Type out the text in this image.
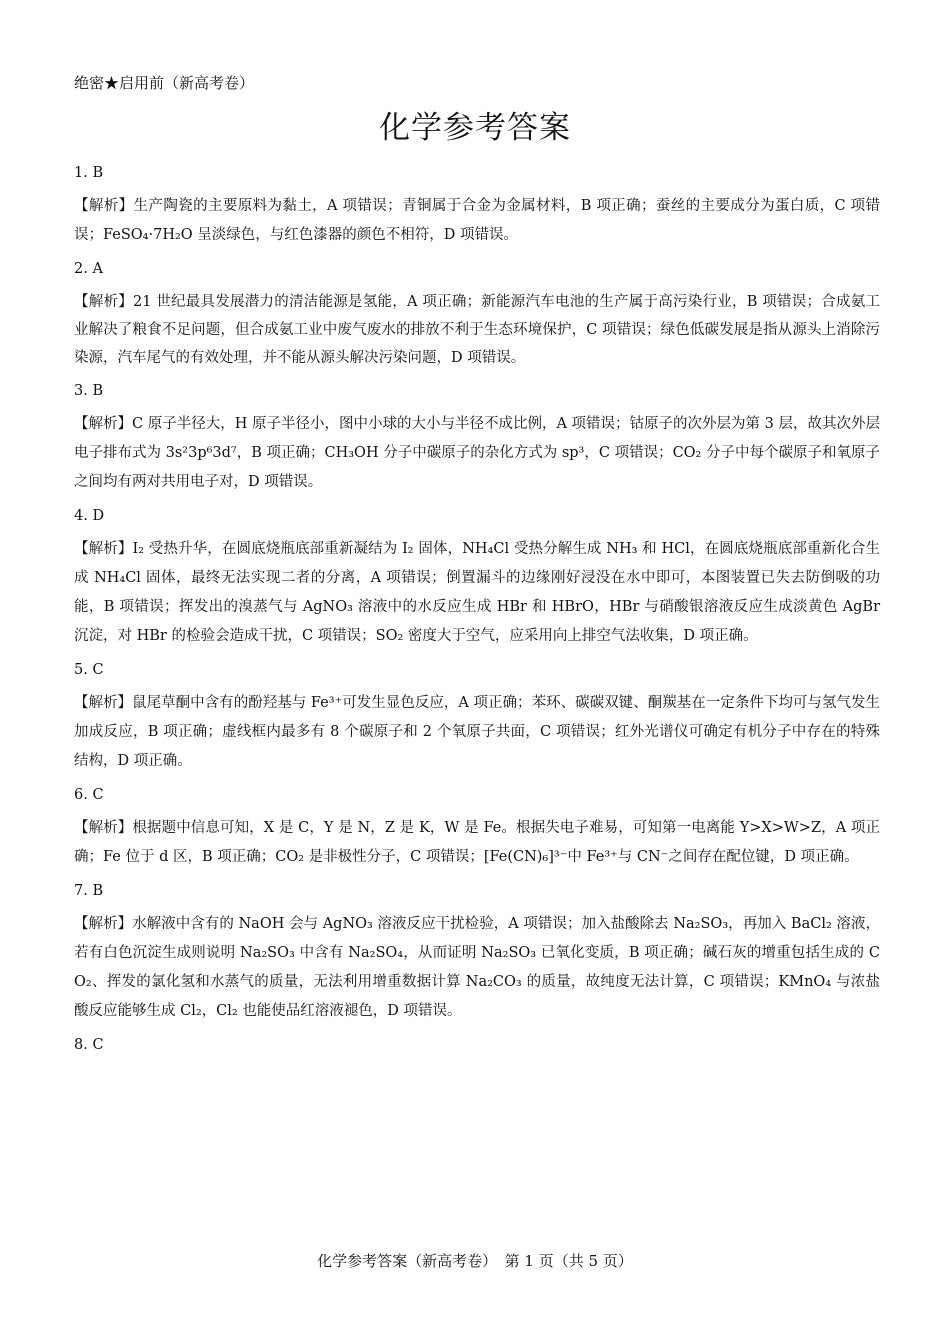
绝密★启用前（新高考卷）
化学参考答案
1. B
【解析】生产陶瓷的主要原料为黏土，A 项错误；青铜属于合金为金属材料，B 项正确；蚕丝的主要成分为蛋白质，C 项错误；FeSO₄·7H₂O 呈淡绿色，与红色漆器的颜色不相符，D 项错误。
2. A
【解析】21 世纪最具发展潜力的清洁能源是氢能，A 项正确；新能源汽车电池的生产属于高污染行业，B 项错误；合成氨工业解决了粮食不足问题，但合成氨工业中废气废水的排放不利于生态环境保护，C 项错误；绿色低碳发展是指从源头上消除污染源，汽车尾气的有效处理，并不能从源头解决污染问题，D 项错误。
3. B
【解析】C 原子半径大，H 原子半径小，图中小球的大小与半径不成比例，A 项错误；钴原子的次外层为第 3 层，故其次外层电子排布式为 3s²3p⁶3d⁷，B 项正确；CH₃OH 分子中碳原子的杂化方式为 sp³，C 项错误；CO₂ 分子中每个碳原子和氧原子之间均有两对共用电子对，D 项错误。
4. D
【解析】I₂ 受热升华，在圆底烧瓶底部重新凝结为 I₂ 固体，NH₄Cl 受热分解生成 NH₃ 和 HCl，在圆底烧瓶底部重新化合生成 NH₄Cl 固体，最终无法实现二者的分离，A 项错误；倒置漏斗的边缘刚好浸没在水中即可，本图装置已失去防倒吸的功能，B 项错误；挥发出的溴蒸气与 AgNO₃ 溶液中的水反应生成 HBr 和 HBrO，HBr 与硝酸银溶液反应生成淡黄色 AgBr 沉淀，对 HBr 的检验会造成干扰，C 项错误；SO₂ 密度大于空气，应采用向上排空气法收集，D 项正确。
5. C
【解析】鼠尾草酮中含有的酚羟基与 Fe³⁺可发生显色反应，A 项正确；苯环、碳碳双键、酮羰基在一定条件下均可与氢气发生加成反应，B 项正确；虚线框内最多有 8 个碳原子和 2 个氧原子共面，C 项错误；红外光谱仪可确定有机分子中存在的特殊结构，D 项正确。
6. C
【解析】根据题中信息可知，X 是 C，Y 是 N，Z 是 K，W 是 Fe。根据失电子难易，可知第一电离能 Y>X>W>Z，A 项正确；Fe 位于 d 区，B 项正确；CO₂ 是非极性分子，C 项错误；[Fe(CN)₆]³⁻中 Fe³⁺与 CN⁻之间存在配位键，D 项正确。
7. B
【解析】水解液中含有的 NaOH 会与 AgNO₃ 溶液反应干扰检验，A 项错误；加入盐酸除去 Na₂SO₃，再加入 BaCl₂ 溶液，若有白色沉淀生成则说明 Na₂SO₃ 中含有 Na₂SO₄，从而证明 Na₂SO₃ 已氧化变质，B 项正确；碱石灰的增重包括生成的 CO₂、挥发的氯化氢和水蒸气的质量，无法利用增重数据计算 Na₂CO₃ 的质量，故纯度无法计算，C 项错误；KMnO₄ 与浓盐酸反应能够生成 Cl₂，Cl₂ 也能使品红溶液褪色，D 项错误。
8. C
化学参考答案（新高考卷）　第 1 页（共 5 页）
